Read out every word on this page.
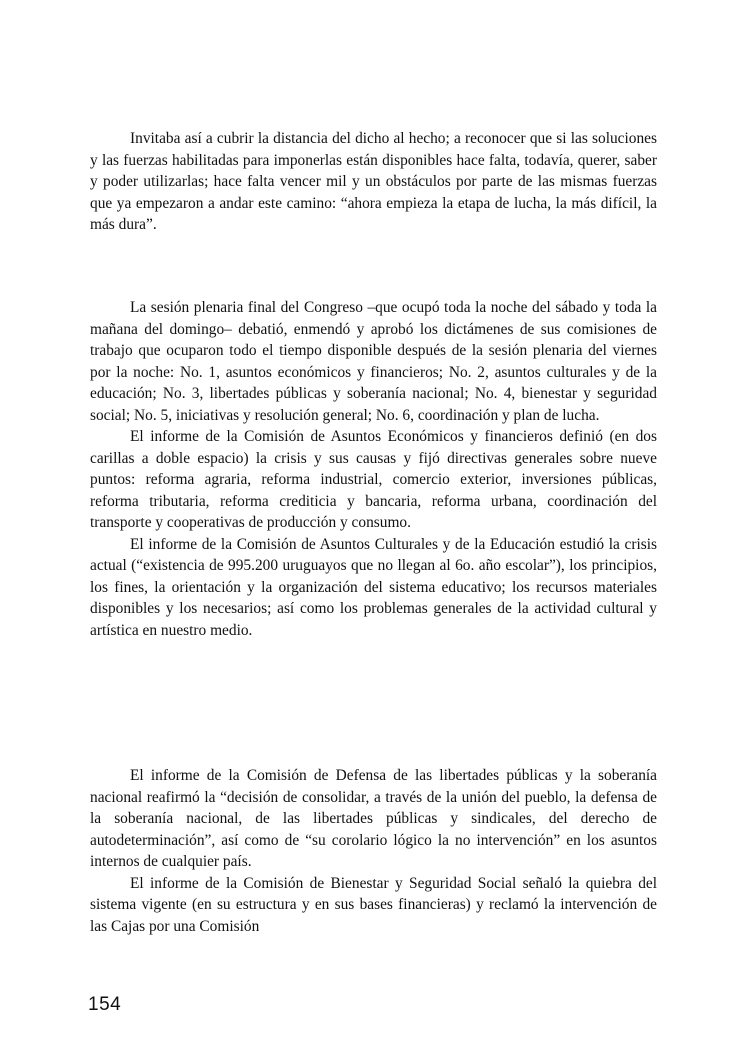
Invitaba así a cubrir la distancia del dicho al hecho; a reconocer que si las soluciones y las fuerzas habilitadas para imponerlas están disponibles hace falta, todavía, querer, saber y poder utilizarlas; hace falta vencer mil y un obstáculos por parte de las mismas fuerzas que ya empezaron a andar este camino: “ahora empieza la etapa de lucha, la más difícil, la más dura”.

La sesión plenaria final del Congreso –que ocupó toda la noche del sábado y toda la mañana del domingo– debatió, enmendó y aprobó los dictámenes de sus comisiones de trabajo que ocuparon todo el tiempo disponible después de la sesión plenaria del viernes por la noche: No. 1, asuntos económicos y financieros; No. 2, asuntos culturales y de la educación; No. 3, libertades públicas y soberanía nacional; No. 4, bienestar y seguridad social; No. 5, iniciativas y resolución general; No. 6, coordinación y plan de lucha.

El informe de la Comisión de Asuntos Económicos y financieros definió (en dos carillas a doble espacio) la crisis y sus causas y fijó directivas generales sobre nueve puntos: reforma agraria, reforma industrial, comercio exterior, inversiones públicas, reforma tributaria, reforma crediticia y bancaria, reforma urbana, coordinación del transporte y cooperativas de producción y consumo.

El informe de la Comisión de Asuntos Culturales y de la Educación estudió la crisis actual (“existencia de 995.200 uruguayos que no llegan al 6o. año escolar”), los principios, los fines, la orientación y la organización del sistema educativo; los recursos materiales disponibles y los necesarios; así como los problemas generales de la actividad cultural y artística en nuestro medio.

El informe de la Comisión de Defensa de las libertades públicas y la soberanía nacional reafirmó la “decisión de consolidar, a través de la unión del pueblo, la defensa de la soberanía nacional, de las libertades públicas y sindicales, del derecho de autodeterminación”, así como de “su corolario lógico la no intervención” en los asuntos internos de cualquier país.

El informe de la Comisión de Bienestar y Seguridad Social señaló la quiebra del sistema vigente (en su estructura y en sus bases financieras) y reclamó la intervención de las Cajas por una Comisión

154
